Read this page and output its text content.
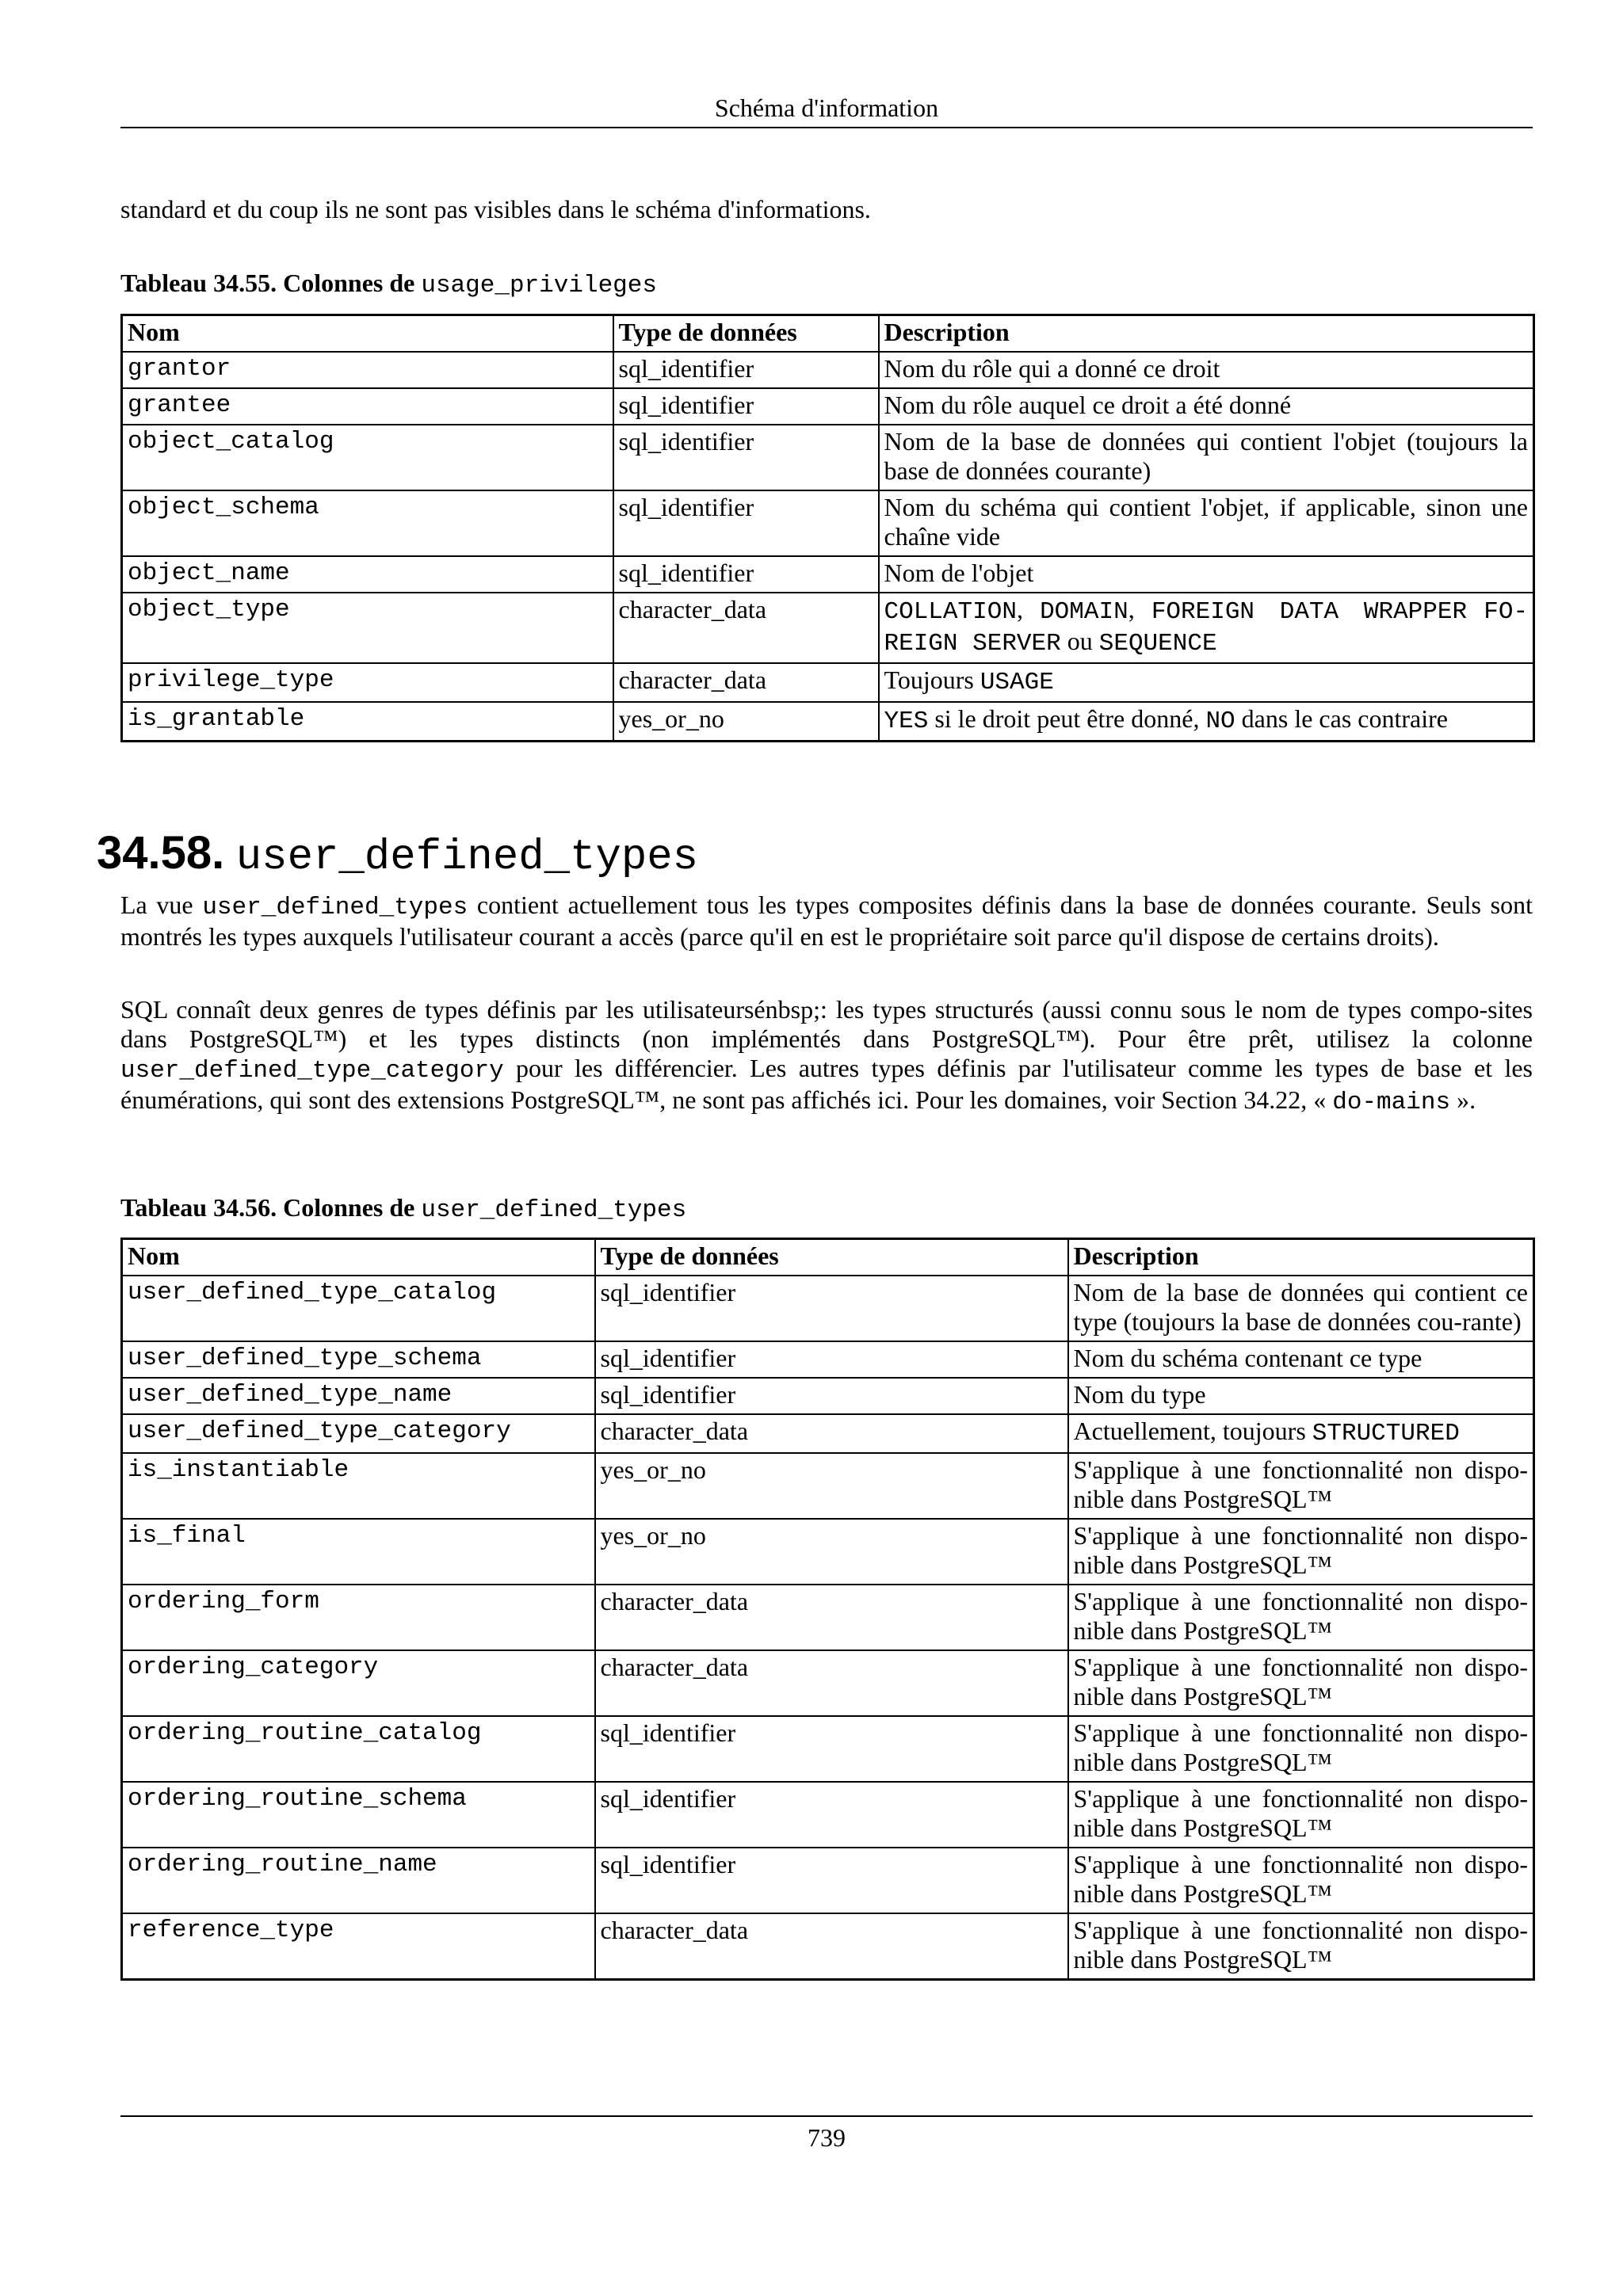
Schéma d'information

standard et du coup ils ne sont pas visibles dans le schéma d'informations.

Tableau 34.55. Colonnes de usage_privileges

Nom	Type de données	Description
grantor	sql_identifier	Nom du rôle qui a donné ce droit
grantee	sql_identifier	Nom du rôle auquel ce droit a été donné
object_catalog	sql_identifier	Nom de la base de données qui contient l'objet (toujours la base de données courante)
object_schema	sql_identifier	Nom du schéma qui contient l'objet, if applicable, sinon une chaîne vide
object_name	sql_identifier	Nom de l'objet
object_type	character_data	COLLATION, DOMAIN, FOREIGN DATA WRAPPER FO-REIGN SERVER ou SEQUENCE
privilege_type	character_data	Toujours USAGE
is_grantable	yes_or_no	YES si le droit peut être donné, NO dans le cas contraire
34.58. user_defined_types

La vue user_defined_types contient actuellement tous les types composites définis dans la base de données courante. Seuls sont montrés les types auxquels l'utilisateur courant a accès (parce qu'il en est le propriétaire soit parce qu'il dispose de certains droits).

SQL connaît deux genres de types définis par les utilisateursénbsp;: les types structurés (aussi connu sous le nom de types compo-sites dans PostgreSQL™) et les types distincts (non implémentés dans PostgreSQL™). Pour être prêt, utilisez la colonne user_defined_type_category pour les différencier. Les autres types définis par l'utilisateur comme les types de base et les énumérations, qui sont des extensions PostgreSQL™, ne sont pas affichés ici. Pour les domaines, voir Section 34.22, « do-mains ».

Tableau 34.56. Colonnes de user_defined_types

Nom	Type de données	Description
user_defined_type_catalog	sql_identifier	Nom de la base de données qui contient ce type (toujours la base de données cou-rante)
user_defined_type_schema	sql_identifier	Nom du schéma contenant ce type
user_defined_type_name	sql_identifier	Nom du type
user_defined_type_category	character_data	Actuellement, toujours STRUCTURED
is_instantiable	yes_or_no	S'applique à une fonctionnalité non dispo-nible dans PostgreSQL™
is_final	yes_or_no	S'applique à une fonctionnalité non dispo-nible dans PostgreSQL™
ordering_form	character_data	S'applique à une fonctionnalité non dispo-nible dans PostgreSQL™
ordering_category	character_data	S'applique à une fonctionnalité non dispo-nible dans PostgreSQL™
ordering_routine_catalog	sql_identifier	S'applique à une fonctionnalité non dispo-nible dans PostgreSQL™
ordering_routine_schema	sql_identifier	S'applique à une fonctionnalité non dispo-nible dans PostgreSQL™
ordering_routine_name	sql_identifier	S'applique à une fonctionnalité non dispo-nible dans PostgreSQL™
reference_type	character_data	S'applique à une fonctionnalité non dispo-nible dans PostgreSQL™
739
